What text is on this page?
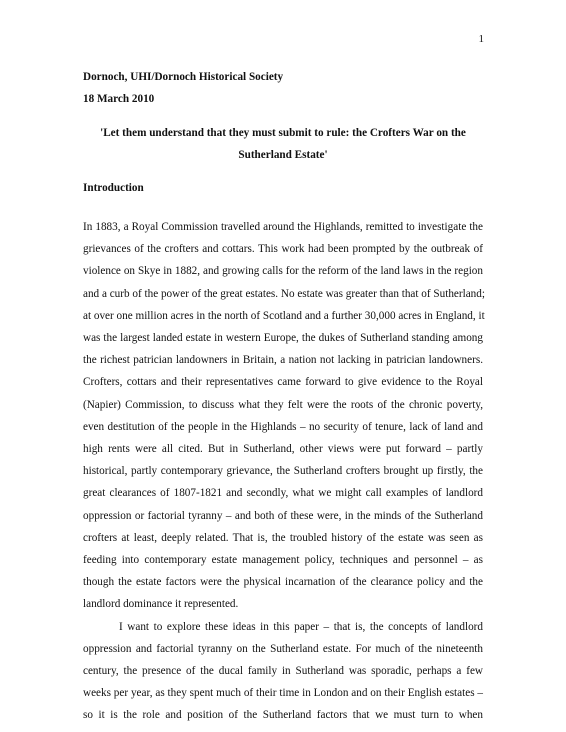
1
Dornoch, UHI/Dornoch Historical Society
18 March 2010
'Let them understand that they must submit to rule: the Crofters War on the
Sutherland Estate'
Introduction

In 1883, a Royal Commission travelled around the Highlands, remitted to investigate the
grievances of the crofters and cottars. This work had been prompted by the outbreak of
violence on Skye in 1882, and growing calls for the reform of the land laws in the region
and a curb of the power of the great estates. No estate was greater than that of Sutherland;
at over one million acres in the north of Scotland and a further 30,000 acres in England, it
was the largest landed estate in western Europe, the dukes of Sutherland standing among
the richest patrician landowners in Britain, a nation not lacking in patrician landowners.
Crofters, cottars and their representatives came forward to give evidence to the Royal
(Napier) Commission, to discuss what they felt were the roots of the chronic poverty,
even destitution of the people in the Highlands – no security of tenure, lack of land and
high rents were all cited. But in Sutherland, other views were put forward – partly
historical, partly contemporary grievance, the Sutherland crofters brought up firstly, the
great clearances of 1807-1821 and secondly, what we might call examples of landlord
oppression or factorial tyranny – and both of these were, in the minds of the Sutherland
crofters at least, deeply related. That is, the troubled history of the estate was seen as
feeding into contemporary estate management policy, techniques and personnel – as
though the estate factors were the physical incarnation of the clearance policy and the
landlord dominance it represented.

I want to explore these ideas in this paper – that is, the concepts of landlord
oppression and factorial tyranny on the Sutherland estate. For much of the nineteenth
century, the presence of the ducal family in Sutherland was sporadic, perhaps a few
weeks per year, as they spent much of their time in London and on their English estates –
so it is the role and position of the Sutherland factors that we must turn to when
